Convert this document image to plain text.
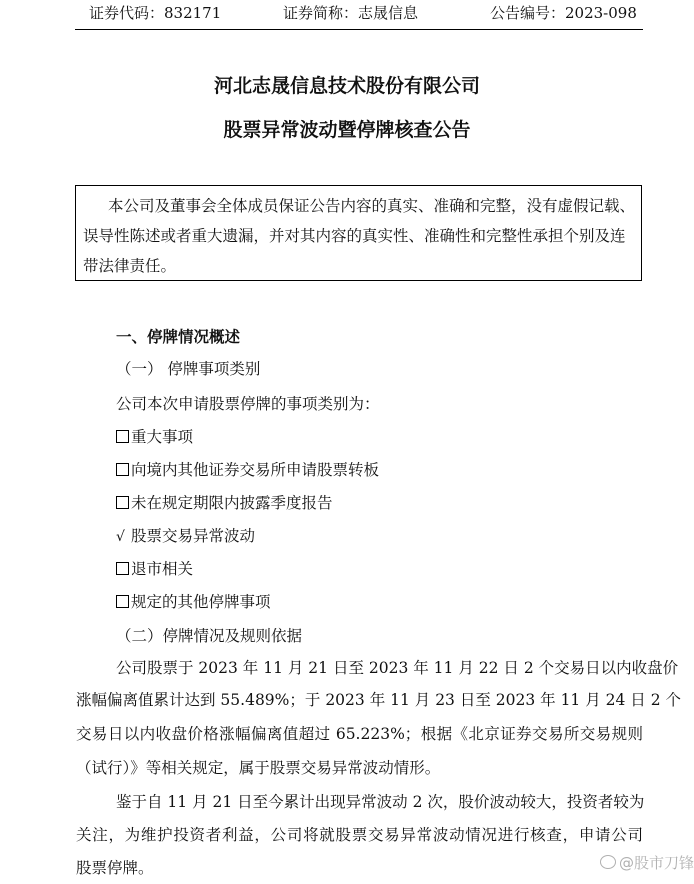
证券代码：832171	证券简称：志晟信息	公告编号：2023-098
河北志晟信息技术股份有限公司
股票异常波动暨停牌核查公告
本公司及董事会全体成员保证公告内容的真实、准确和完整，没有虚假记载、
误导性陈述或者重大遗漏，并对其内容的真实性、准确性和完整性承担个别及连
带法律责任。
一、停牌情况概述
（一） 停牌事项类别
公司本次申请股票停牌的事项类别为：
重大事项
向境内其他证券交易所申请股票转板
未在规定期限内披露季度报告
√ 股票交易异常波动
退市相关
规定的其他停牌事项
（二）停牌情况及规则依据
公司股票于 2023 年 11 月 21 日至 2023 年 11 月 22 日 2 个交易日以内收盘价
涨幅偏离值累计达到 55.489%；于 2023 年 11 月 23 日至 2023 年 11 月 24 日 2 个
交易日以内收盘价格涨幅偏离值超过 65.223%；根据《北京证券交易所交易规则
（试行）》等相关规定，属于股票交易异常波动情形。
鉴于自 11 月 21 日至今累计出现异常波动 2 次，股价波动较大，投资者较为
关注，为维护投资者利益，公司将就股票交易异常波动情况进行核查，申请公司
股票停牌。	@股市刀锋
